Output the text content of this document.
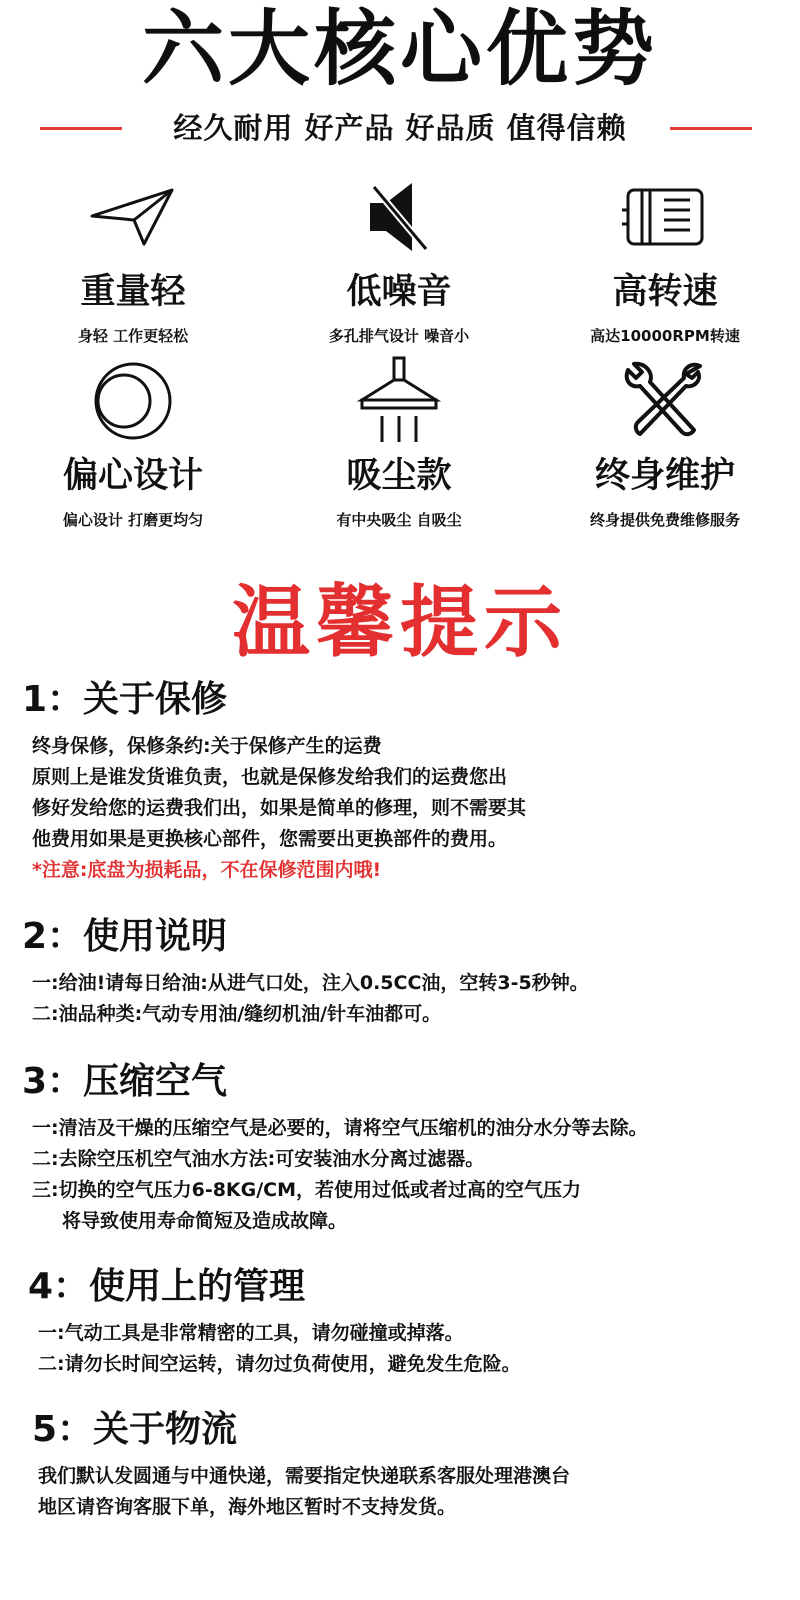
六大核心优势
经久耐用 好产品 好品质 值得信赖
重量轻
身轻 工作更轻松
低噪音
多孔排气设计 噪音小
高转速
高达10000RPM转速
偏心设计
偏心设计 打磨更均匀
吸尘款
有中央吸尘 自吸尘
终身维护
终身提供免费维修服务
温馨提示
1：关于保修

终身保修，保修条约:关于保修产生的运费

原则上是谁发货谁负责，也就是保修发给我们的运费您出

修好发给您的运费我们出，如果是简单的修理，则不需要其

他费用如果是更换核心部件，您需要出更换部件的费用。

*注意:底盘为损耗品，不在保修范围内哦!

2：使用说明

一:给油!请每日给油:从进气口处，注入0.5CC油，空转3-5秒钟。

二:油品种类:气动专用油/缝纫机油/针车油都可。

3：压缩空气

一:清洁及干燥的压缩空气是必要的，请将空气压缩机的油分水分等去除。

二:去除空压机空气油水方法:可安装油水分离过滤器。

三:切换的空气压力6-8KG/CM，若使用过低或者过高的空气压力

将导致使用寿命简短及造成故障。

4：使用上的管理

一:气动工具是非常精密的工具，请勿碰撞或掉落。

二:请勿长时间空运转，请勿过负荷使用，避免发生危险。

5：关于物流

我们默认发圆通与中通快递，需要指定快递联系客服处理港澳台

地区请咨询客服下单，海外地区暂时不支持发货。
